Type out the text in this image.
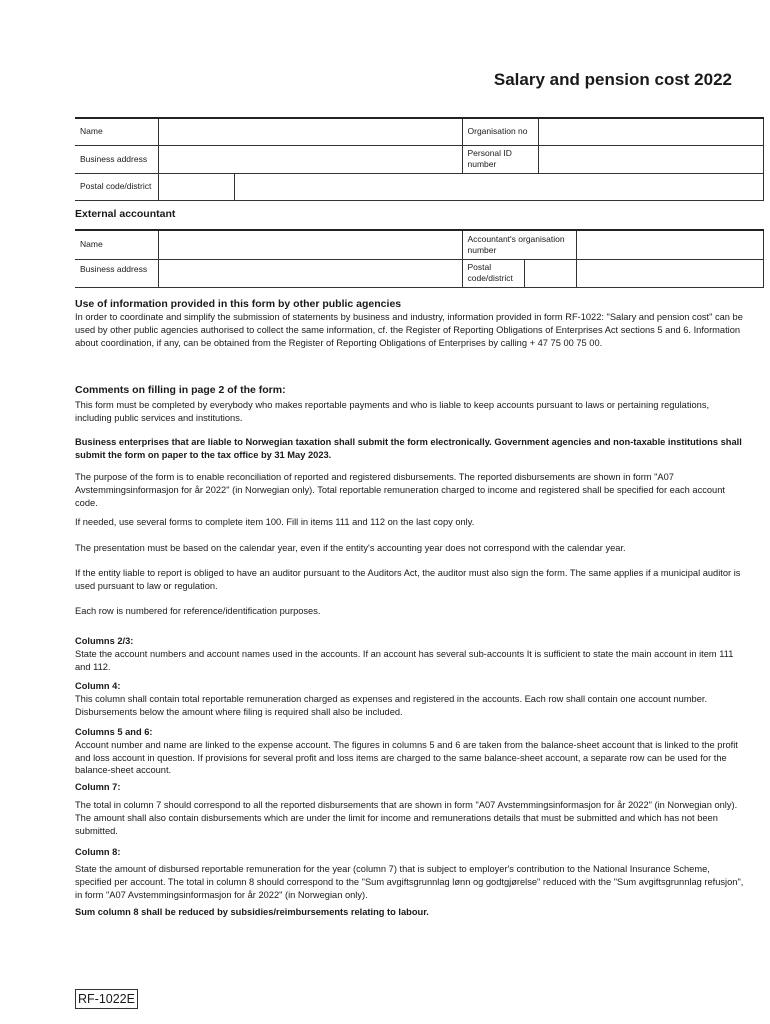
Salary and pension cost 2022
Name			Organisation no	
Business address			Personal ID number	
Postal code/district				
External accountant
Name		Accountant's organisation number		
Business address		Postal code/district		
Use of information provided in this form by other public agencies

In order to coordinate and simplify the submission of statements by business and industry, information provided in form RF-1022: "Salary and pension cost" can be used by other public agencies authorised to collect the same information, cf. the Register of Reporting Obligations of Enterprises Act sections 5 and 6. Information about coordination, if any, can be obtained from the Register of Reporting Obligations of Enterprises by calling + 47 75 00 75 00.

Comments on filling in page 2 of the form:

This form must be completed by everybody who makes reportable payments and who is liable to keep accounts pursuant to laws or pertaining regulations, including public services and institutions.

Business enterprises that are liable to Norwegian taxation shall submit the form electronically. Government agencies and non-taxable institutions shall submit the form on paper to the tax office by 31 May 2023.

The purpose of the form is to enable reconciliation of reported and registered disbursements. The reported disbursements are shown in form "A07 Avstemmingsinformasjon for år 2022" (in Norwegian only). Total reportable remuneration charged to income and registered shall be specified for each account code.

If needed, use several forms to complete item 100. Fill in items 111 and 112 on the last copy only.

The presentation must be based on the calendar year, even if the entity's accounting year does not correspond with the calendar year.

If the entity liable to report is obliged to have an auditor pursuant to the Auditors Act, the auditor must also sign the form. The same applies if a municipal auditor is used pursuant to law or regulation.

Each row is numbered for reference/identification purposes.

Columns 2/3:
State the account numbers and account names used in the accounts. If an account has several sub-accounts It is sufficient to state the main account in item 111 and 112.
Column 4:
This column shall contain total reportable remuneration charged as expenses and registered in the accounts. Each row shall contain one account number. Disbursements below the amount where filing is required shall also be included.
Columns 5 and 6:
Account number and name are linked to the expense account. The figures in columns 5 and 6 are taken from the balance-sheet account that is linked to the profit and loss account in question. If provisions for several profit and loss items are charged to the same balance-sheet account, a separate row can be used for the balance-sheet account.
Column 7:

The total in column 7 should correspond to all the reported disbursements that are shown in form "A07 Avstemmingsinformasjon for år 2022" (in Norwegian only). The amount shall also contain disbursements which are under the limit for income and remunerations details that must be submitted and which has not been submitted.

Column 8:

State the amount of disbursed reportable remuneration for the year (column 7) that is subject to employer's contribution to the National Insurance Scheme, specified per account. The total in column 8 should correspond to the "Sum avgiftsgrunnlag lønn og godtgjørelse" reduced with the "Sum avgiftsgrunnlag refusjon", in form "A07 Avstemmingsinformasjon for år 2022" (in Norwegian only).

Sum column 8 shall be reduced by subsidies/reimbursements relating to labour.

RF-1022E
